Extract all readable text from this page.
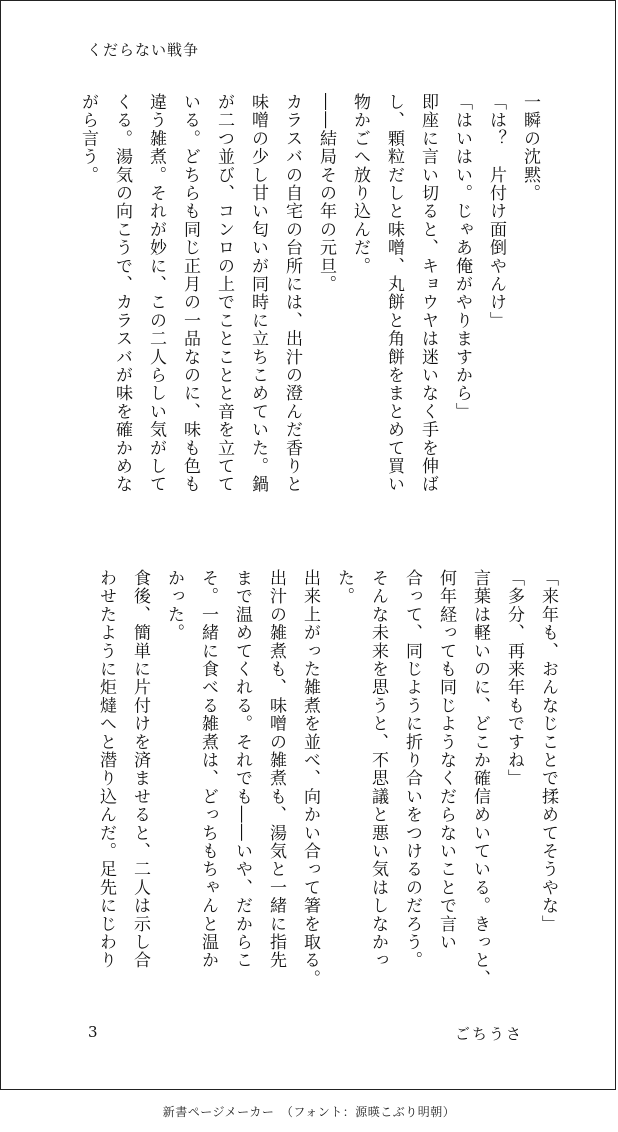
くだらない戦争
一瞬の沈黙。
「は？　片付け面倒やんけ」
「はいはい。じゃあ俺がやりますから」
即座に言い切ると、キョウヤは迷いなく手を伸ば
し、顆粒だしと味噌、丸餅と角餅をまとめて買い
物かごへ放り込んだ。
――結局その年の元旦。
カラスバの自宅の台所には、出汁の澄んだ香りと
味噌の少し甘い匂いが同時に立ちこめていた。鍋
が二つ並び、コンロの上でことことと音を立てて
いる。どちらも同じ正月の一品なのに、味も色も
違う雑煮。それが妙に、この二人らしい気がして
くる。湯気の向こうで、カラスバが味を確かめな
がら言う。
「来年も、おんなじことで揉めてそうやな」
「多分、再来年もですね」
言葉は軽いのに、どこか確信めいている。きっと、
何年経っても同じようなくだらないことで言い
合って、同じように折り合いをつけるのだろう。
そんな未来を思うと、不思議と悪い気はしなかっ
た。
出来上がった雑煮を並べ、向かい合って箸を取る。
出汁の雑煮も、味噌の雑煮も、湯気と一緒に指先
まで温めてくれる。それでも――いや、だからこ
そ。一緒に食べる雑煮は、どっちもちゃんと温か
かった。
食後、簡単に片付けを済ませると、二人は示し合
わせたように炬燵へと潜り込んだ。足先にじわり
3	ごちうさ
新書ページメーカー　（フォント：源暎こぶり明朝）
